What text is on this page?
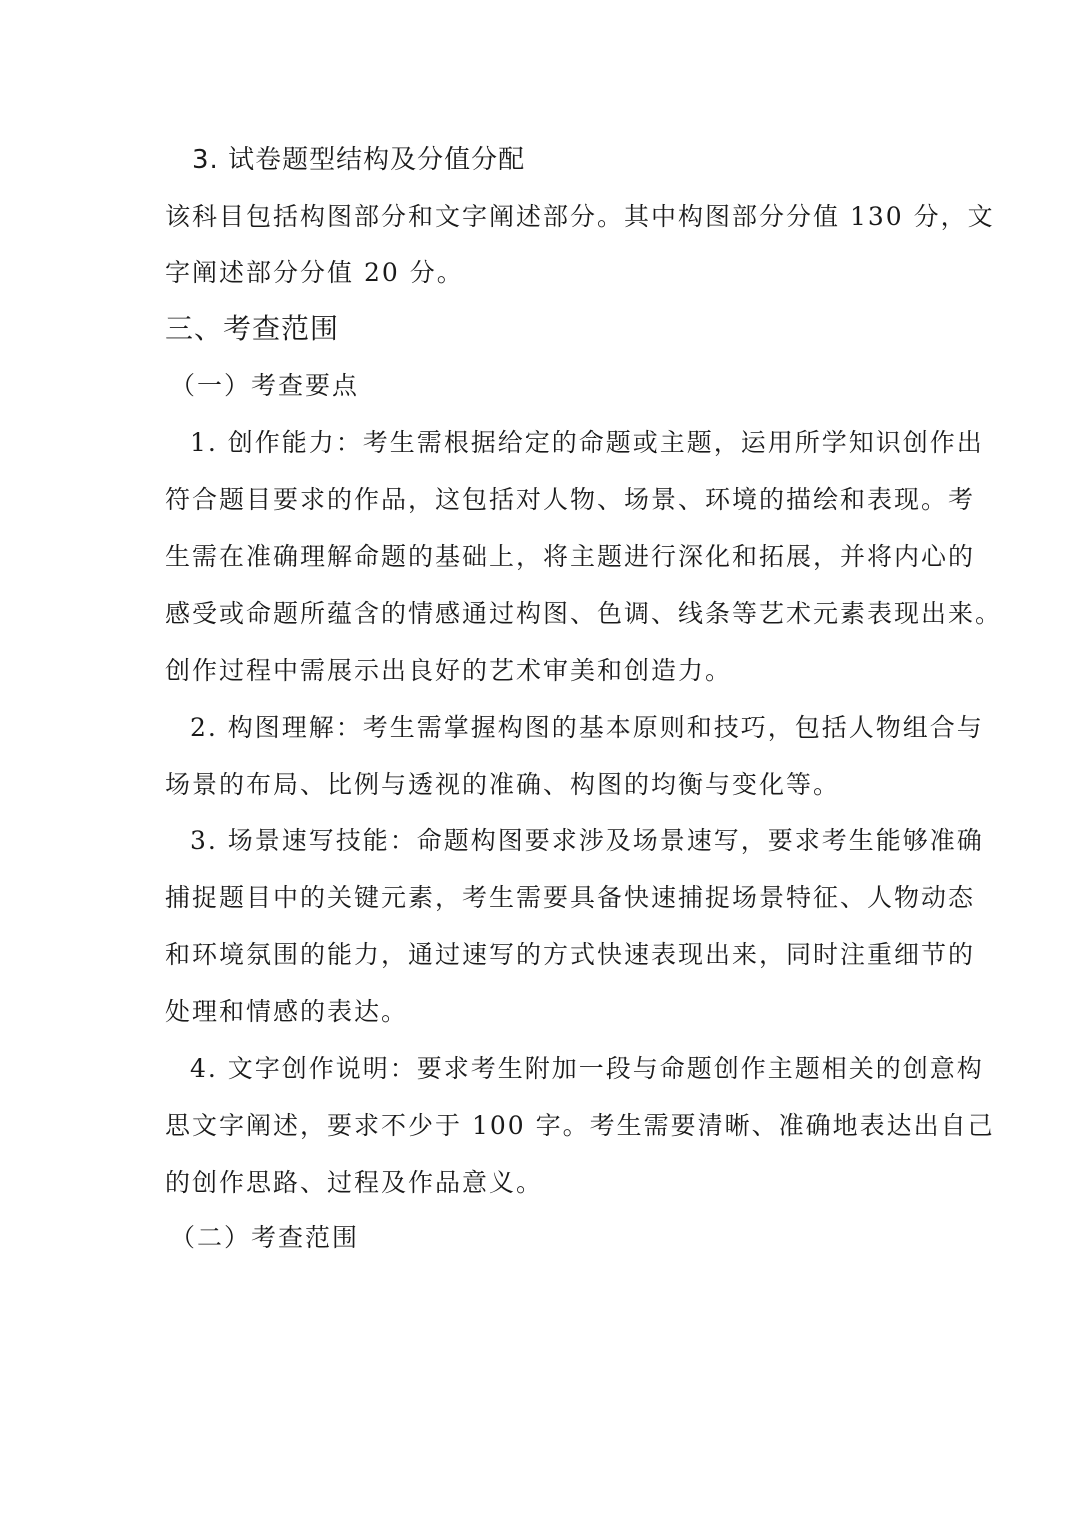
3. 试卷题型结构及分值分配
该科目包括构图部分和文字阐述部分。其中构图部分分值 130 分，文
字阐述部分分值 20 分。
三、考查范围
（一）考查要点
1. 创作能力：考生需根据给定的命题或主题，运用所学知识创作出
符合题目要求的作品，这包括对人物、场景、环境的描绘和表现。考
生需在准确理解命题的基础上，将主题进行深化和拓展，并将内心的
感受或命题所蕴含的情感通过构图、色调、线条等艺术元素表现出来。
创作过程中需展示出良好的艺术审美和创造力。
2. 构图理解：考生需掌握构图的基本原则和技巧，包括人物组合与
场景的布局、比例与透视的准确、构图的均衡与变化等。
3. 场景速写技能：命题构图要求涉及场景速写，要求考生能够准确
捕捉题目中的关键元素，考生需要具备快速捕捉场景特征、人物动态
和环境氛围的能力，通过速写的方式快速表现出来，同时注重细节的
处理和情感的表达。
4. 文字创作说明：要求考生附加一段与命题创作主题相关的创意构
思文字阐述，要求不少于 100 字。考生需要清晰、准确地表达出自己
的创作思路、过程及作品意义。
（二）考查范围
